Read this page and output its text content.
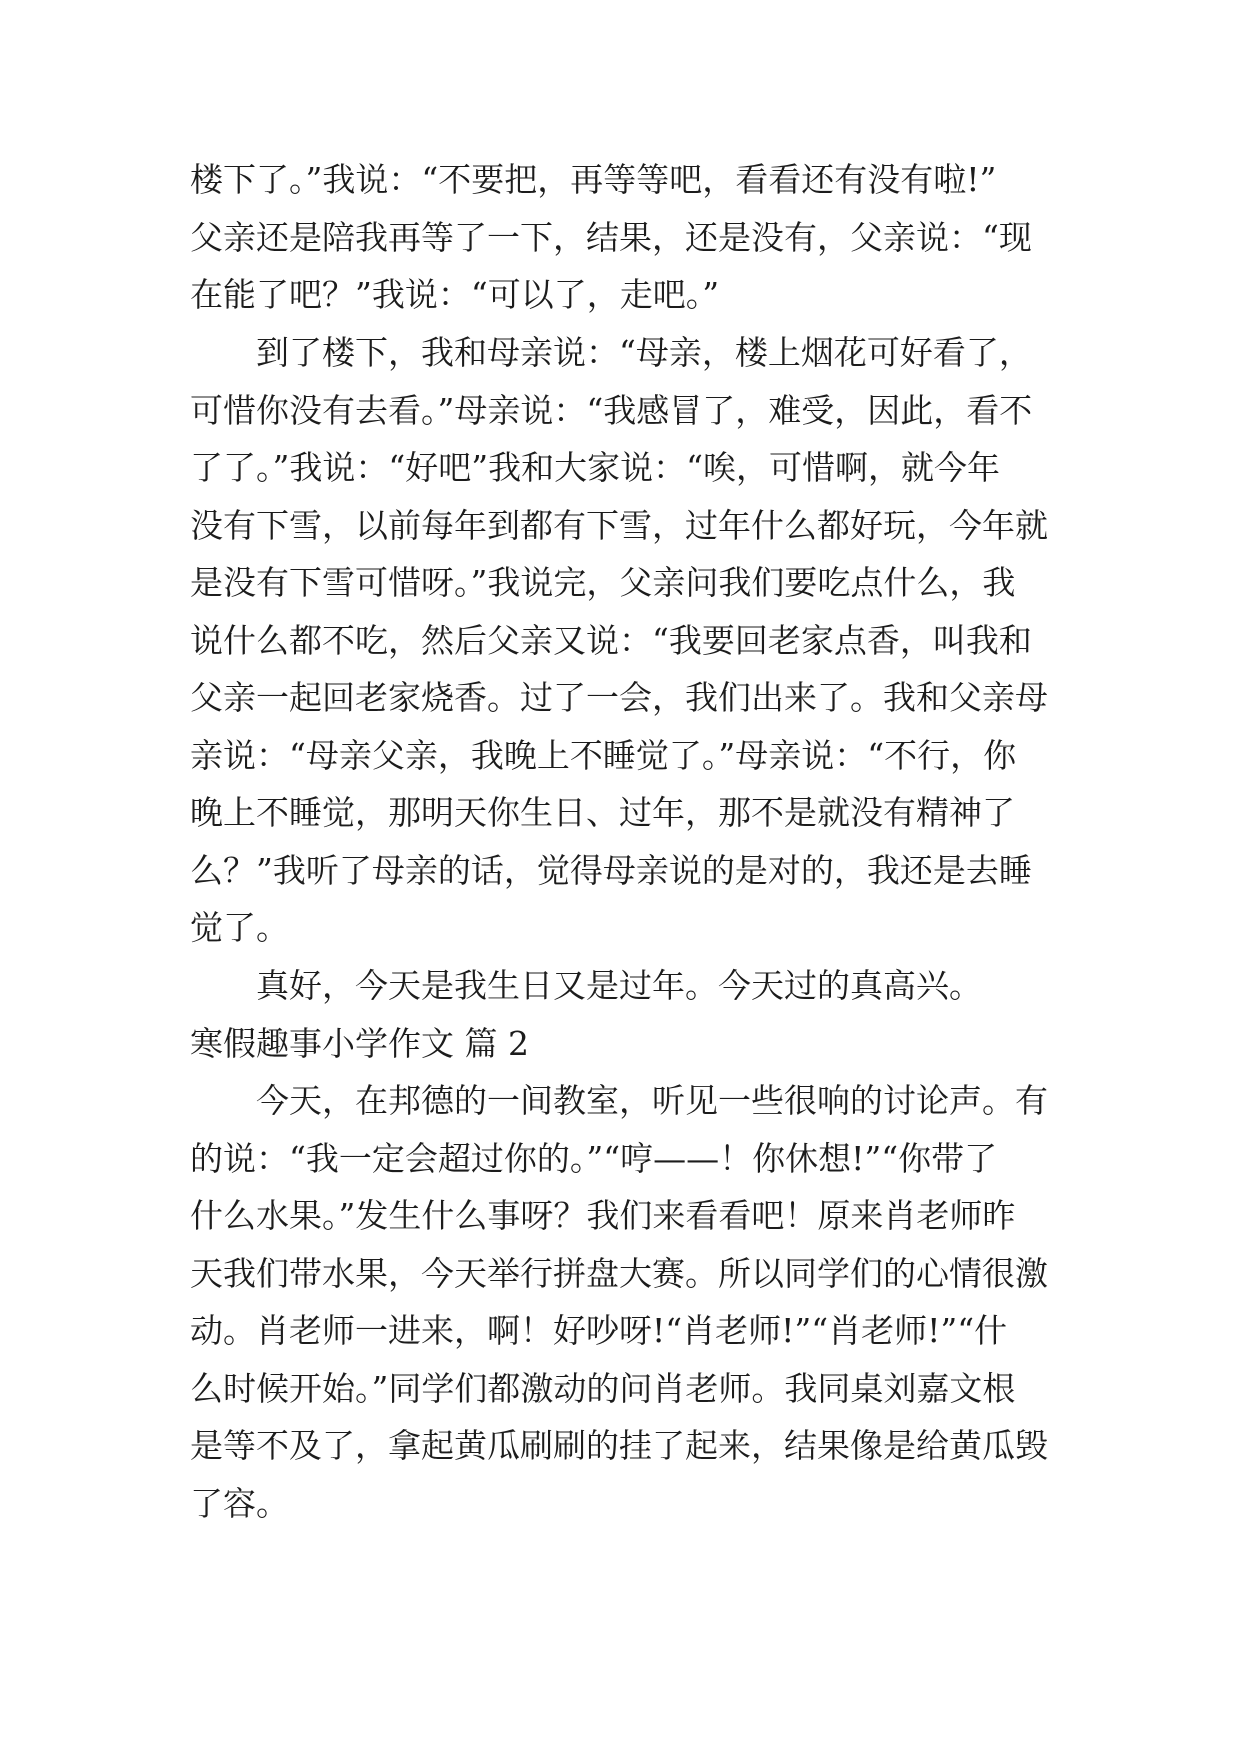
楼下了。”我说：“不要把，再等等吧，看看还有没有啦!”
父亲还是陪我再等了一下，结果，还是没有，父亲说：“现
在能了吧？”我说：“可以了，走吧。”
到了楼下，我和母亲说：“母亲，楼上烟花可好看了，
可惜你没有去看。”母亲说：“我感冒了，难受，因此，看不
了了。”我说：“好吧”我和大家说：“唉，可惜啊，就今年
没有下雪，以前每年到都有下雪，过年什么都好玩，今年就
是没有下雪可惜呀。”我说完，父亲问我们要吃点什么，我
说什么都不吃，然后父亲又说：“我要回老家点香，叫我和
父亲一起回老家烧香。过了一会，我们出来了。我和父亲母
亲说：“母亲父亲，我晚上不睡觉了。”母亲说：“不行，你
晚上不睡觉，那明天你生日、过年，那不是就没有精神了
么？”我听了母亲的话，觉得母亲说的是对的，我还是去睡
觉了。
真好，今天是我生日又是过年。今天过的真高兴。
寒假趣事小学作文 篇 2
今天，在邦德的一间教室，听见一些很响的讨论声。有
的说：“我一定会超过你的。”“哼——！你休想!”“你带了
什么水果。”发生什么事呀？我们来看看吧！原来肖老师昨
天我们带水果，今天举行拼盘大赛。所以同学们的心情很激
动。肖老师一进来，啊！好吵呀!“肖老师!”“肖老师!”“什
么时候开始。”同学们都激动的问肖老师。我同桌刘嘉文根
是等不及了，拿起黄瓜刷刷的挂了起来，结果像是给黄瓜毁
了容。
